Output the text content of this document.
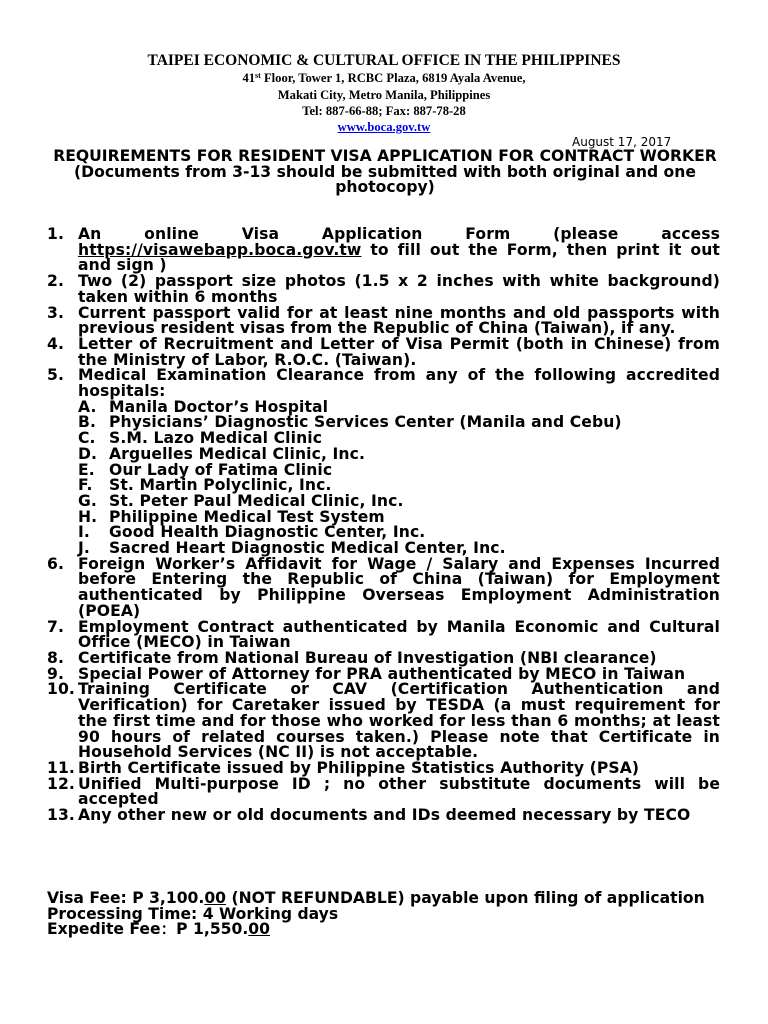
TAIPEI ECONOMIC & CULTURAL OFFICE IN THE PHILIPPINES
41st Floor, Tower 1, RCBC Plaza, 6819 Ayala Avenue,
Makati City, Metro Manila, Philippines
Tel: 887-66-88; Fax: 887-78-28
www.boca.gov.tw
August 17, 2017
REQUIREMENTS FOR RESIDENT VISA APPLICATION FOR CONTRACT WORKER
(Documents from 3-13 should be submitted with both original and one photocopy)
1. An online Visa Application Form (please access https://visawebapp.boca.gov.tw to fill out the Form, then print it out and sign )
2. Two (2) passport size photos (1.5 x 2 inches with white background) taken within 6 months
3. Current passport valid for at least nine months and old passports with previous resident visas from the Republic of China (Taiwan), if any.
4. Letter of Recruitment and Letter of Visa Permit (both in Chinese) from the Ministry of Labor, R.O.C. (Taiwan).
5. Medical Examination Clearance from any of the following accredited hospitals:
A. Manila Doctor’s Hospital
B. Physicians’ Diagnostic Services Center (Manila and Cebu)
C. S.M. Lazo Medical Clinic
D. Arguelles Medical Clinic, Inc.
E. Our Lady of Fatima Clinic
F. St. Martin Polyclinic, Inc.
G. St. Peter Paul Medical Clinic, Inc.
H. Philippine Medical Test System
I. Good Health Diagnostic Center, Inc.
J. Sacred Heart Diagnostic Medical Center, Inc.
6. Foreign Worker’s Affidavit for Wage / Salary and Expenses Incurred before Entering the Republic of China (Taiwan) for Employment authenticated by Philippine Overseas Employment Administration (POEA)
7. Employment Contract authenticated by Manila Economic and Cultural Office (MECO) in Taiwan
8. Certificate from National Bureau of Investigation (NBI clearance)
9. Special Power of Attorney for PRA authenticated by MECO in Taiwan
10. Training Certificate or CAV (Certification Authentication and Verification) for Caretaker issued by TESDA (a must requirement for the first time and for those who worked for less than 6 months; at least 90 hours of related courses taken.) Please note that Certificate in Household Services (NC II) is not acceptable.
11. Birth Certificate issued by Philippine Statistics Authority (PSA)
12. Unified Multi-purpose ID ; no other substitute documents will be accepted
13. Any other new or old documents and IDs deemed necessary by TECO

Visa Fee: P 3,100.00 (NOT REFUNDABLE) payable upon filing of application

Processing Time: 4 Working days

Expedite Fee：P 1,550.00
